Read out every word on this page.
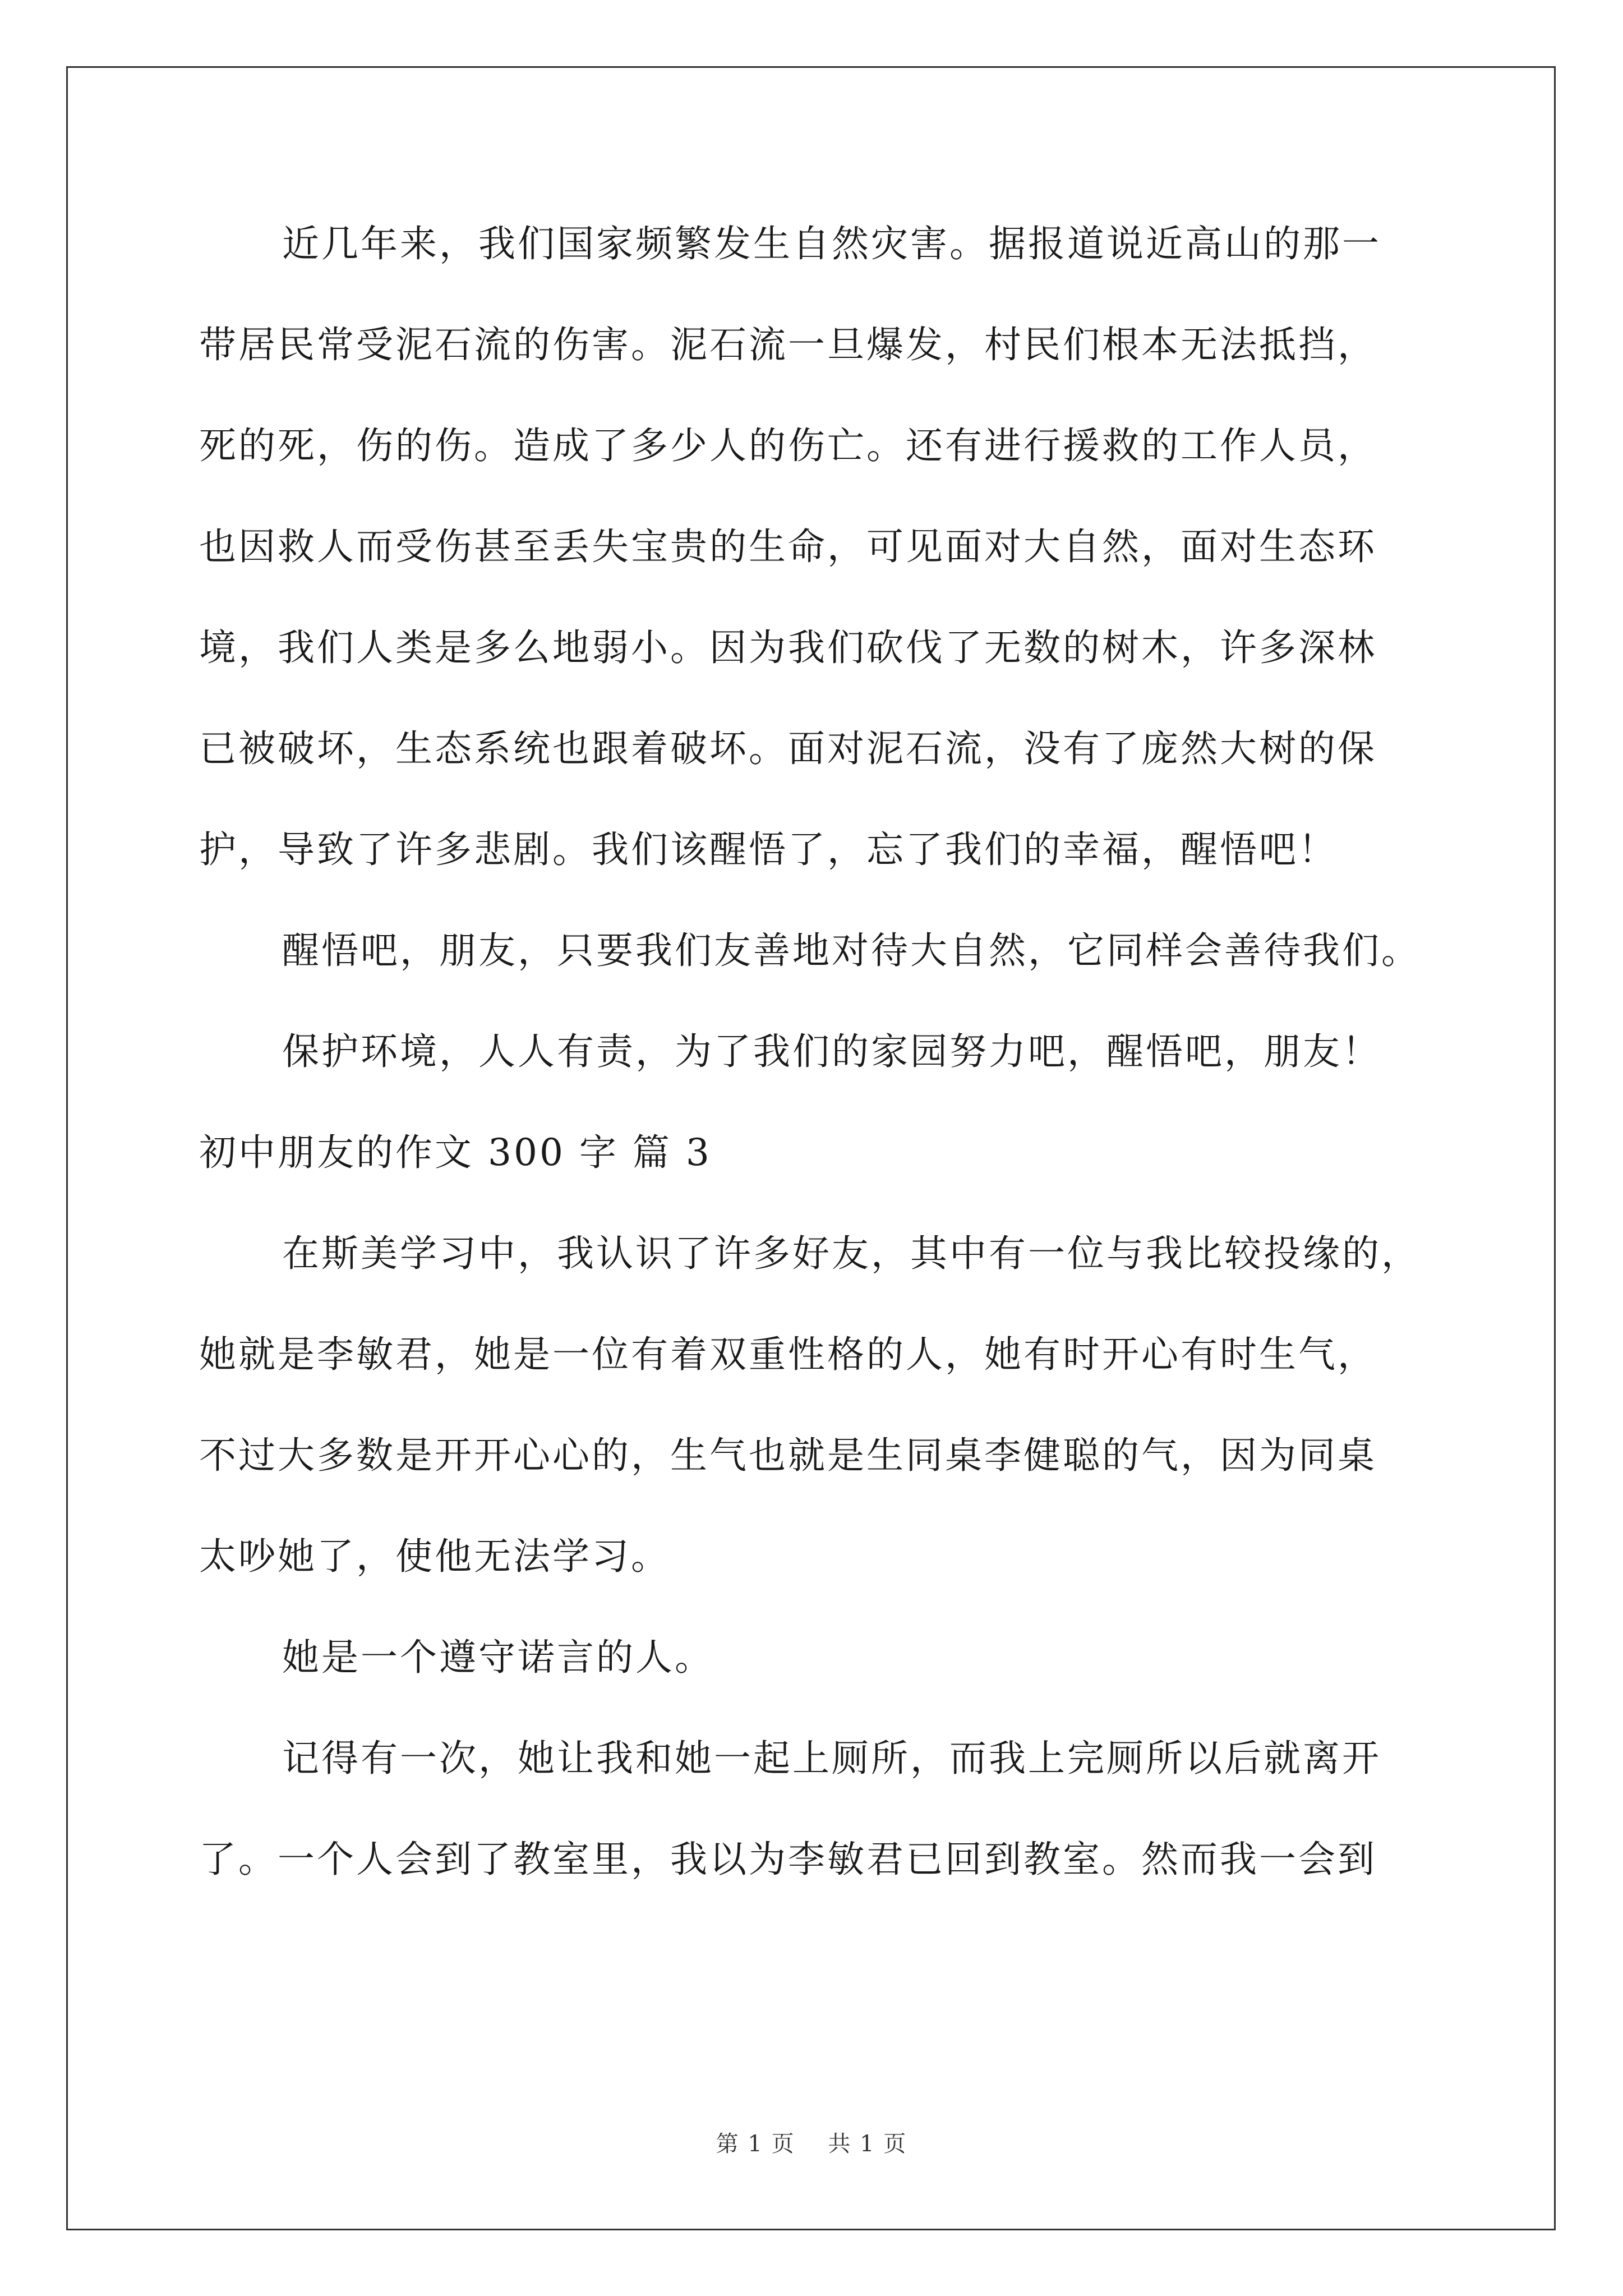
近几年来，我们国家频繁发生自然灾害。据报道说近高山的那一

带居民常受泥石流的伤害。泥石流一旦爆发，村民们根本无法抵挡，

死的死，伤的伤。造成了多少人的伤亡。还有进行援救的工作人员，

也因救人而受伤甚至丢失宝贵的生命，可见面对大自然，面对生态环

境，我们人类是多么地弱小。因为我们砍伐了无数的树木，许多深林

已被破坏，生态系统也跟着破坏。面对泥石流，没有了庞然大树的保

护，导致了许多悲剧。我们该醒悟了，忘了我们的幸福，醒悟吧！

醒悟吧，朋友，只要我们友善地对待大自然，它同样会善待我们。

保护环境，人人有责，为了我们的家园努力吧，醒悟吧，朋友！

初中朋友的作文 300 字 篇 3

在斯美学习中，我认识了许多好友，其中有一位与我比较投缘的，

她就是李敏君，她是一位有着双重性格的人，她有时开心有时生气，

不过大多数是开开心心的，生气也就是生同桌李健聪的气，因为同桌

太吵她了，使他无法学习。

她是一个遵守诺言的人。

记得有一次，她让我和她一起上厕所，而我上完厕所以后就离开

了。一个人会到了教室里，我以为李敏君已回到教室。然而我一会到

第 1 页    共 1 页
